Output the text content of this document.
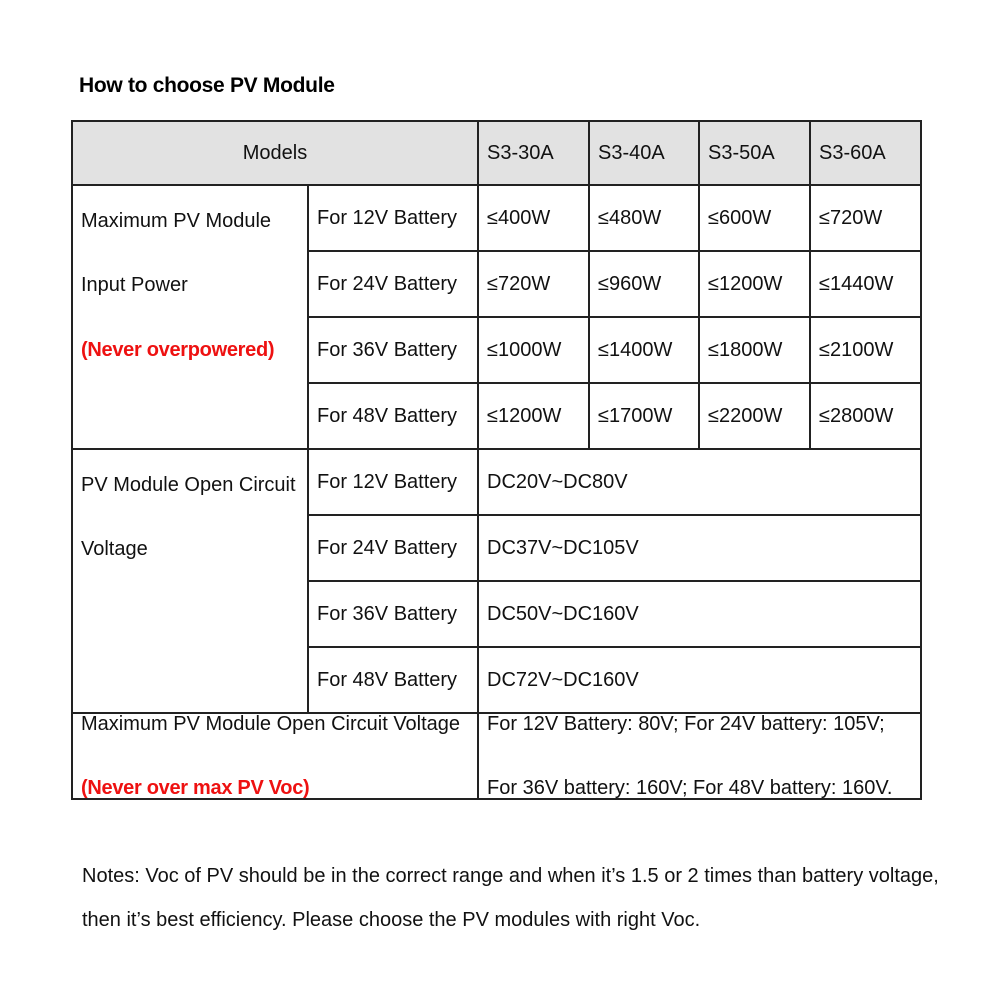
How to choose PV Module
Models		S3-30A	S3-40A	S3-50A	S3-60A

Maximum PV Module
Input Power
(Never overpowered)	For 12V Battery	≤400W	≤480W	≤600W	≤720W
	For 24V Battery	≤720W	≤960W	≤1200W	≤1440W
	For 36V Battery	≤1000W	≤1400W	≤1800W	≤2100W
	For 48V Battery	≤1200W	≤1700W	≤2200W	≤2800W

PV Module Open Circuit
Voltage	For 12V Battery	DC20V~DC80V			
	For 24V Battery	DC37V~DC105V			
	For 36V Battery	DC50V~DC160V			
	For 48V Battery	DC72V~DC160V			

Maximum PV Module Open Circuit Voltage
(Never over max PV Voc)		For 12V Battery: 80V; For 24V battery: 105V;
For 36V battery: 160V; For 48V battery: 160V.			
Notes: Voc of PV should be in the correct range and when it’s 1.5 or 2 times than battery voltage,
then it’s best efficiency. Please choose the PV modules with right Voc.
